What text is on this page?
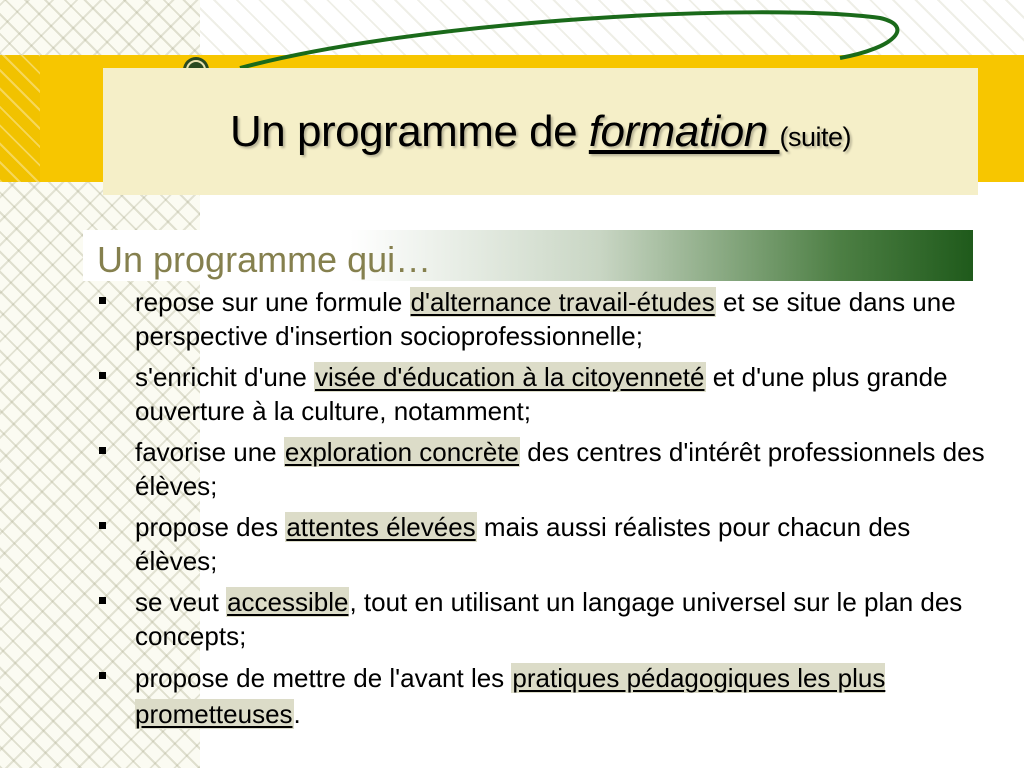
Un programme de formation (suite)
Un programme qui…
repose sur une formule d'alternance travail-études et se situe dans une perspective d'insertion socioprofessionnelle;
s'enrichit d'une visée d'éducation à la citoyenneté et d'une plus grande ouverture à la culture, notamment;
favorise une exploration concrète des centres d'intérêt professionnels des élèves;
propose des attentes élevées mais aussi réalistes pour chacun des élèves;
se veut accessible, tout en utilisant un langage universel sur le plan des concepts;
propose de mettre de l'avant les pratiques pédagogiques les plus prometteuses.
